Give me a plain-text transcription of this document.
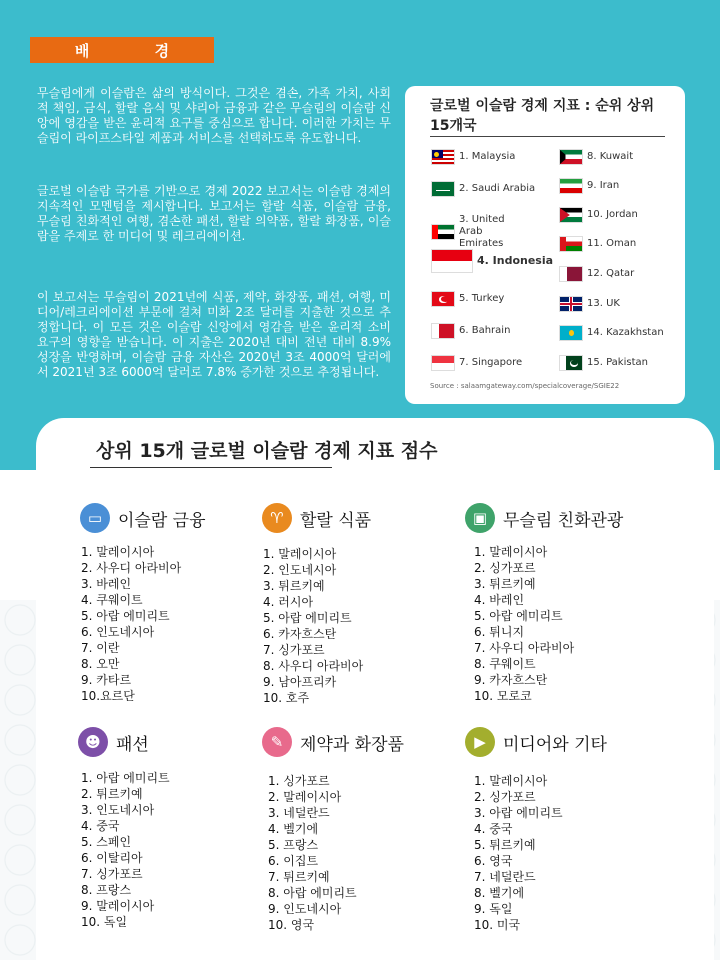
배 경

무슬림에게 이슬람은 삶의 방식이다. 그것은 겸손, 가족 가치, 사회적 책임, 금식, 할랄 음식 및 샤리아 금융과 같은 무슬림의 이슬람 신앙에 영감을 받은 윤리적 요구를 중심으로 합니다. 이러한 가치는 무슬림이 라이프스타일 제품과 서비스를 선택하도록 유도합니다.

글로벌 이슬람 국가를 기반으로 경제 2022 보고서는 이슬람 경제의 지속적인 모멘텀을 제시합니다. 보고서는 할랄 식품, 이슬람 금융, 무슬림 친화적인 여행, 겸손한 패션, 할랄 의약품, 할랄 화장품, 이슬람을 주제로 한 미디어 및 레크리에이션.

이 보고서는 무슬림이 2021년에 식품, 제약, 화장품, 패션, 여행, 미디어/레크리에이션 부문에 걸쳐 미화 2조 달러를 지출한 것으로 추정합니다. 이 모든 것은 이슬람 신앙에서 영감을 받은 윤리적 소비 요구의 영향을 받습니다. 이 지출은 2020년 대비 전년 대비 8.9% 성장을 반영하며, 이슬람 금융 자산은 2020년 3조 4000억 달러에서 2021년 3조 6000억 달러로 7.8% 증가한 것으로 추정됩니다.

글로벌 이슬람 경제 지표 : 순위 상위 15개국

1. Malaysia
2. Saudi Arabia
3. United Arab Emirates
4. Indonesia
5. Turkey
6. Bahrain
7. Singapore
8. Kuwait
9. Iran
10. Jordan
11. Oman
12. Qatar
13. UK
14. Kazakhstan
15. Pakistan
Source : salaamgateway.com/specialcoverage/SGIE22
상위 15개 글로벌 이슬람 경제 지표 점수
▭ 이슬람 금융
1. 말레이시아
2. 사우디 아라비아
3. 바레인
4. 쿠웨이트
5. 아랍 에미리트
6. 인도네시아
7. 이란
8. 오만
9. 카타르
10.요르단
♈ 할랄 식품
1. 말레이시아
2. 인도네시아
3. 튀르키예
4. 러시아
5. 아랍 에미리트
6. 카자흐스탄
7. 싱가포르
8. 사우디 아라비아
9. 남아프리카
10. 호주
▣ 무슬림 친화관광
1. 말레이시아
2. 싱가포르
3. 튀르키예
4. 바레인
5. 아랍 에미리트
6. 튀니지
7. 사우디 아라비아
8. 쿠웨이트
9. 카자흐스탄
10. 모로코
☻ 패션
1. 아랍 에미리트
2. 튀르키예
3. 인도네시아
4. 중국
5. 스페인
6. 이탈리아
7. 싱가포르
8. 프랑스
9. 말레이시아
10. 독일
✎ 제약과 화장품
1. 싱가포르
2. 말레이시아
3. 네덜란드
4. 벨기에
5. 프랑스
6. 이집트
7. 튀르키예
8. 아랍 에미리트
9. 인도네시아
10. 영국
▶	미디어와 기타
1. 말레이시아
2. 싱가포르
3. 아랍 에미리트
4. 중국
5. 튀르키예
6. 영국
7. 네덜란드
8. 벨기에
9. 독일
10. 미국
